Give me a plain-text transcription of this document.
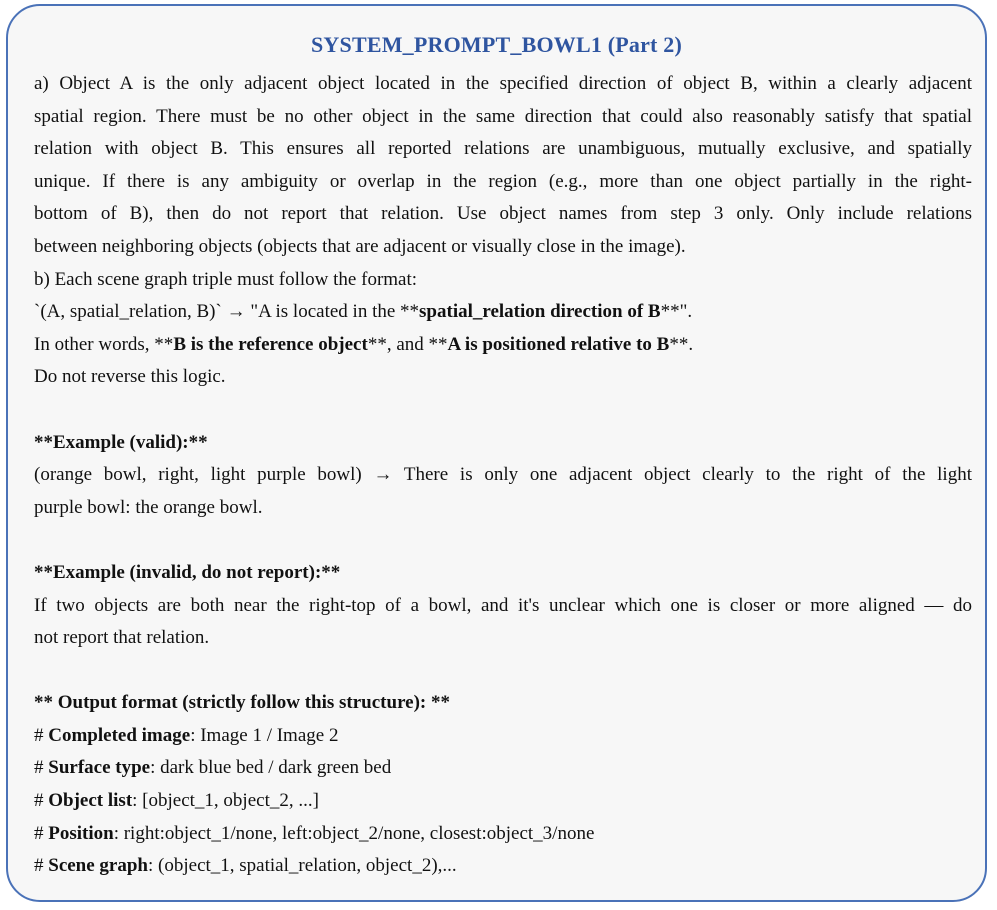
SYSTEM_PROMPT_BOWL1 (Part 2)
a) Object A is the only adjacent object located in the specified direction of object B, within a clearly adjacent
spatial region. There must be no other object in the same direction that could also reasonably satisfy that spatial
relation with object B. This ensures all reported relations are unambiguous, mutually exclusive, and spatially
unique. If there is any ambiguity or overlap in the region (e.g., more than one object partially in the right-
bottom of B), then do not report that relation. Use object names from step 3 only. Only include relations
between neighboring objects (objects that are adjacent or visually close in the image).
b) Each scene graph triple must follow the format:
`(A, spatial_relation, B)` → "A is located in the **spatial_relation direction of B**".
In other words, **B is the reference object**, and **A is positioned relative to B**.
Do not reverse this logic.
**Example (valid):**
(orange bowl, right, light purple bowl) → There is only one adjacent object clearly to the right of the light
purple bowl: the orange bowl.
**Example (invalid, do not report):**
If two objects are both near the right-top of a bowl, and it's unclear which one is closer or more aligned — do
not report that relation.
** Output format (strictly follow this structure): **
# Completed image: Image 1 / Image 2
# Surface type: dark blue bed / dark green bed
# Object list: [object_1, object_2, ...]
# Position: right:object_1/none, left:object_2/none, closest:object_3/none
# Scene graph: (object_1, spatial_relation, object_2),...
